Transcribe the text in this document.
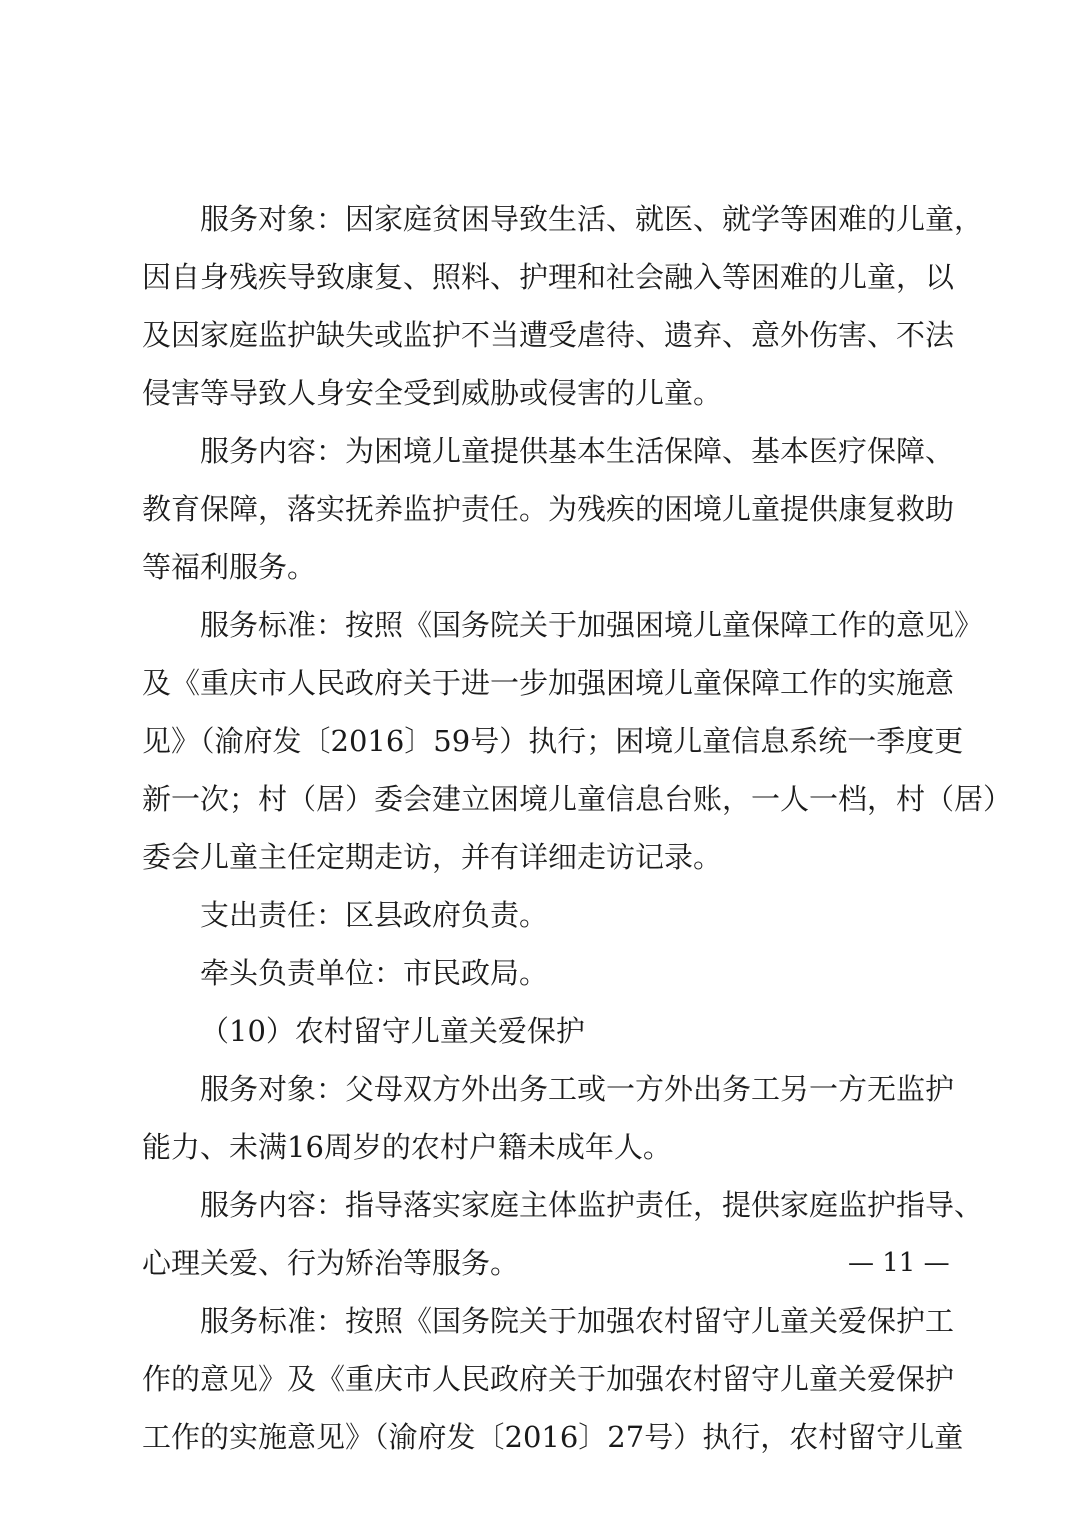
服务对象：因家庭贫困导致生活、就医、就学等困难的儿童，
因自身残疾导致康复、照料、护理和社会融入等困难的儿童，以
及因家庭监护缺失或监护不当遭受虐待、遗弃、意外伤害、不法
侵害等导致人身安全受到威胁或侵害的儿童。
服务内容：为困境儿童提供基本生活保障、基本医疗保障、
教育保障，落实抚养监护责任。为残疾的困境儿童提供康复救助
等福利服务。
服务标准：按照《国务院关于加强困境儿童保障工作的意见》
及《重庆市人民政府关于进一步加强困境儿童保障工作的实施意
见》（渝府发〔2016〕59号）执行；困境儿童信息系统一季度更
新一次；村（居）委会建立困境儿童信息台账，一人一档，村（居）
委会儿童主任定期走访，并有详细走访记录。
支出责任：区县政府负责。
牵头负责单位：市民政局。
（10）农村留守儿童关爱保护
服务对象：父母双方外出务工或一方外出务工另一方无监护
能力、未满16周岁的农村户籍未成年人。
服务内容：指导落实家庭主体监护责任，提供家庭监护指导、
心理关爱、行为矫治等服务。
服务标准：按照《国务院关于加强农村留守儿童关爱保护工
作的意见》及《重庆市人民政府关于加强农村留守儿童关爱保护
工作的实施意见》（渝府发〔2016〕27号）执行，农村留守儿童
— 11 —
